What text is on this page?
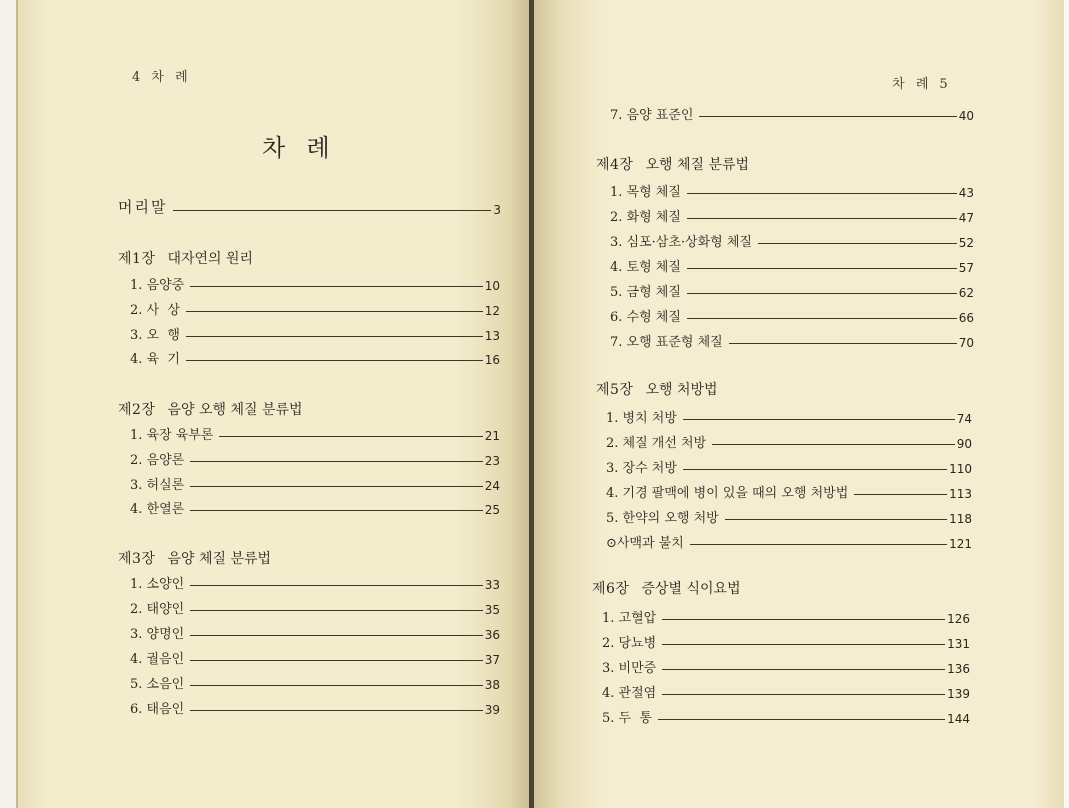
4 차  례
차  례
머리말	3
제1장 대자연의 원리
1. 음양중	10
2. 사  상	12
3. 오  행	13
4. 육  기	16
제2장 음양 오행 체질 분류법
1. 육장 육부론	21
2. 음양론	23
3. 허실론	24
4. 한열론	25
제3장 음양 체질 분류법
1. 소양인	33
2. 태양인	35
3. 양명인	36
4. 궐음인	37
5. 소음인	38
6. 태음인	39
차  례 5
7. 음양 표준인	40
제4장 오행 체질 분류법
1. 목형 체질	43
2. 화형 체질	47
3. 심포·삼초·상화형 체질	52
4. 토형 체질	57
5. 금형 체질	62
6. 수형 체질	66
7. 오행 표준형 체질	70
제5장 오행 처방법
1. 병치 처방	74
2. 체질 개선 처방	90
3. 장수 처방	110
4. 기경 팔맥에 병이 있을 때의 오행 처방법	113
5. 한약의 오행 처방	118
⊙사맥과 불치	121
제6장 증상별 식이요법
1. 고혈압	126
2. 당뇨병	131
3. 비만증	136
4. 관절염	139
5. 두  통	144
